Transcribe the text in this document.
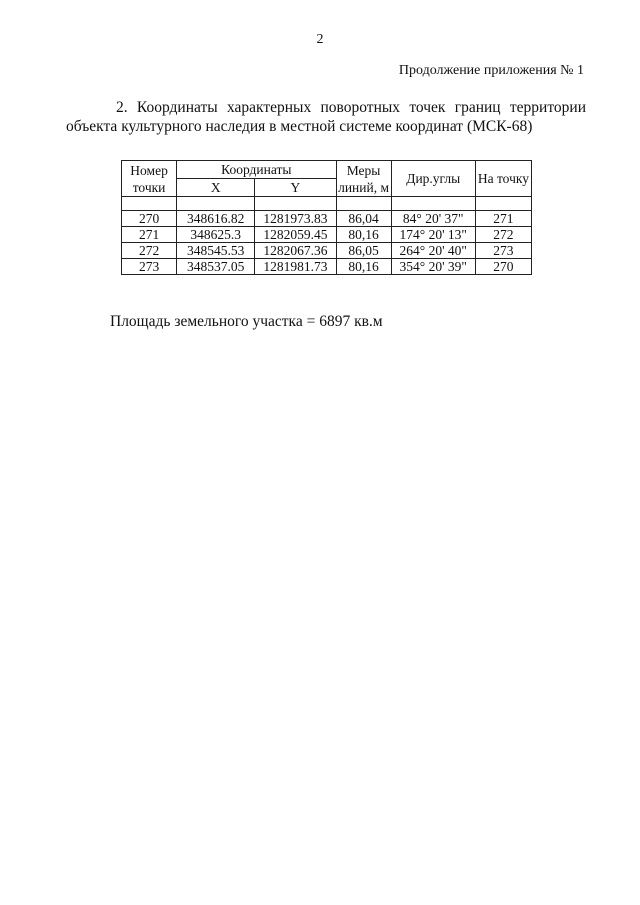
2
Продолжение приложения № 1
2. Координаты характерных поворотных точек границ территории объекта культурного наследия в местной системе координат (МСК-68)
Номер точки	Координаты		Меры линий, м	Дир.углы	На точку
	X	Y			

270	348616.82	1281973.83	86,04	84° 20' 37"	271
271	348625.3	1282059.45	80,16	174° 20' 13"	272
272	348545.53	1282067.36	86,05	264° 20' 40"	273
273	348537.05	1281981.73	80,16	354° 20' 39"	270
Площадь земельного участка = 6897 кв.м
